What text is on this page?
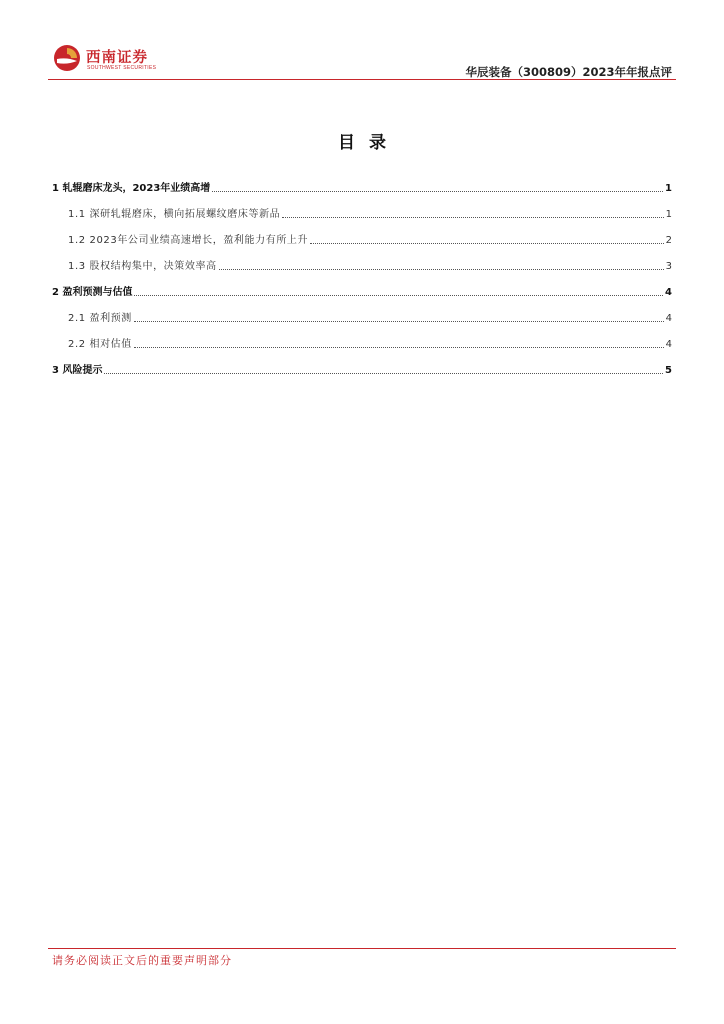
西南证券
SOUTHWEST SECURITIES	华辰装备（300809）2023年年报点评
目录
1 轧辊磨床龙头，2023年业绩高增	1
1.1 深研轧辊磨床，横向拓展螺纹磨床等新品	1
1.2 2023年公司业绩高速增长，盈利能力有所上升	2
1.3 股权结构集中，决策效率高	3
2 盈利预测与估值	4
2.1 盈利预测	4
2.2 相对估值	4
3 风险提示	5
请务必阅读正文后的重要声明部分
